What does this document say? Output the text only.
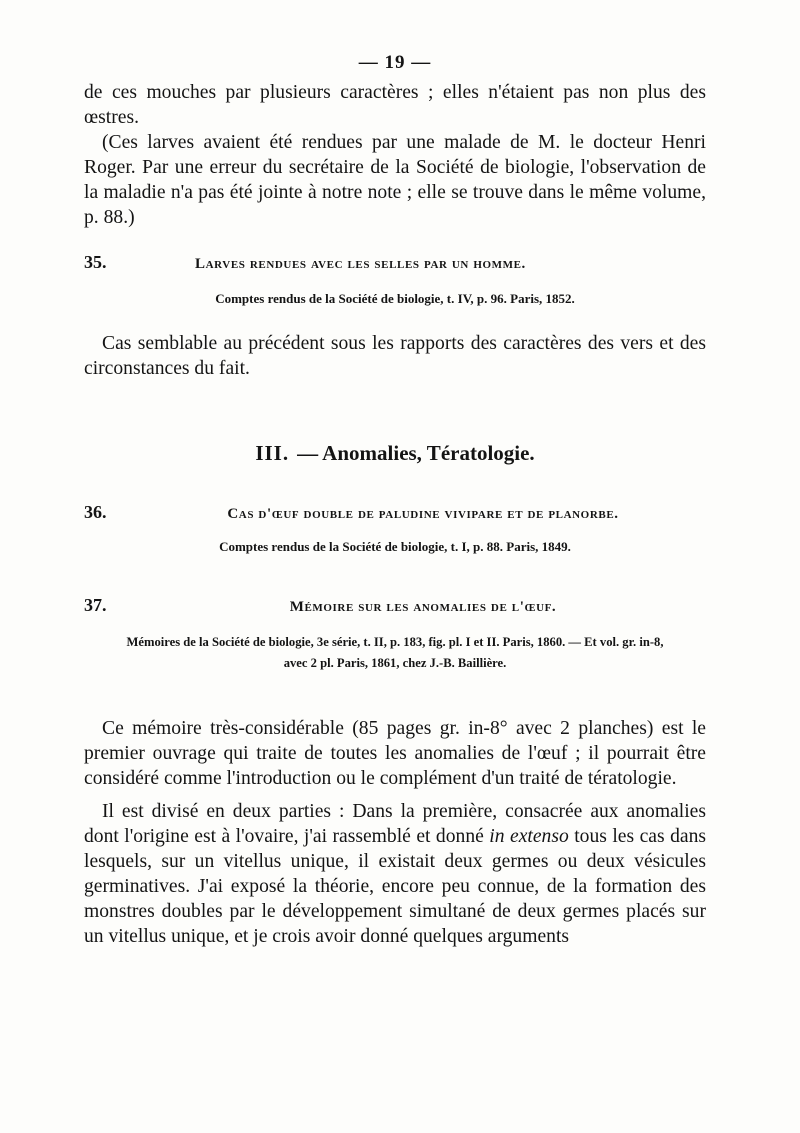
— 19 —

de ces mouches par plusieurs caractères ; elles n'étaient pas non plus des œstres.

(Ces larves avaient été rendues par une malade de M. le docteur Henri Roger. Par une erreur du secrétaire de la Société de biologie, l'observation de la maladie n'a pas été jointe à notre note ; elle se trouve dans le même volume, p. 88.)

35.	Larves rendues avec les selles par un homme.
Comptes rendus de la Société de biologie, t. IV, p. 96. Paris, 1852.

Cas semblable au précédent sous les rapports des caractères des vers et des circonstances du fait.

III. — Anomalies, Tératologie.
36.	Cas d'œuf double de paludine vivipare et de planorbe.
Comptes rendus de la Société de biologie, t. I, p. 88. Paris, 1849.
37.	Mémoire sur les anomalies de l'œuf.
Mémoires de la Société de biologie, 3e série, t. II, p. 183, fig. pl. I et II. Paris, 1860. — Et vol. gr. in-8,
avec 2 pl. Paris, 1861, chez J.-B. Baillière.

Ce mémoire très-considérable (85 pages gr. in-8° avec 2 planches) est le premier ouvrage qui traite de toutes les anomalies de l'œuf ; il pourrait être considéré comme l'introduction ou le complément d'un traité de tératologie.

Il est divisé en deux parties : Dans la première, consacrée aux anomalies dont l'origine est à l'ovaire, j'ai rassemblé et donné in extenso tous les cas dans lesquels, sur un vitellus unique, il existait deux germes ou deux vésicules germinatives. J'ai exposé la théorie, encore peu connue, de la formation des monstres doubles par le développement simultané de deux germes placés sur un vitellus unique, et je crois avoir donné quelques arguments
